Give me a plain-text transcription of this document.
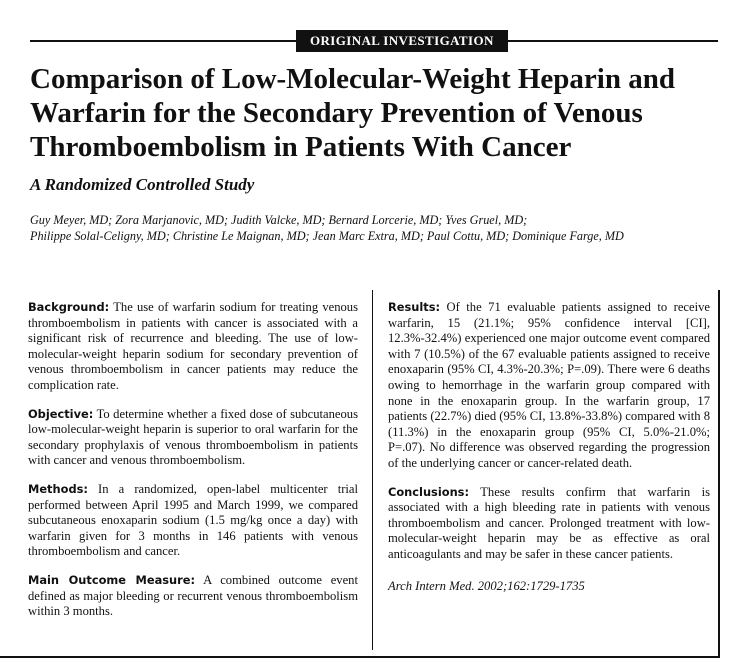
ORIGINAL INVESTIGATION
Comparison of Low-Molecular-Weight Heparin and Warfarin for the Secondary Prevention of Venous Thromboembolism in Patients With Cancer
A Randomized Controlled Study

Guy Meyer, MD; Zora Marjanovic, MD; Judith Valcke, MD; Bernard Lorcerie, MD; Yves Gruel, MD;
Philippe Solal-Celigny, MD; Christine Le Maignan, MD; Jean Marc Extra, MD; Paul Cottu, MD; Dominique Farge, MD

Background: The use of warfarin sodium for treating venous thromboembolism in patients with cancer is associated with a significant risk of recurrence and bleeding. The use of low-molecular-weight heparin sodium for secondary prevention of venous thromboembolism in cancer patients may reduce the complication rate.

Objective: To determine whether a fixed dose of subcutaneous low-molecular-weight heparin is superior to oral warfarin for the secondary prophylaxis of venous thromboembolism in patients with cancer and venous thromboembolism.

Methods: In a randomized, open-label multicenter trial performed between April 1995 and March 1999, we compared subcutaneous enoxaparin sodium (1.5 mg/kg once a day) with warfarin given for 3 months in 146 patients with venous thromboembolism and cancer.

Main Outcome Measure: A combined outcome event defined as major bleeding or recurrent venous thromboembolism within 3 months.

Results: Of the 71 evaluable patients assigned to receive warfarin, 15 (21.1%; 95% confidence interval [CI], 12.3%-32.4%) experienced one major outcome event compared with 7 (10.5%) of the 67 evaluable patients assigned to receive enoxaparin (95% CI, 4.3%-20.3%; P=.09). There were 6 deaths owing to hemorrhage in the warfarin group compared with none in the enoxaparin group. In the warfarin group, 17 patients (22.7%) died (95% CI, 13.8%-33.8%) compared with 8 (11.3%) in the enoxaparin group (95% CI, 5.0%-21.0%; P=.07). No difference was observed regarding the progression of the underlying cancer or cancer-related death.

Conclusions: These results confirm that warfarin is associated with a high bleeding rate in patients with venous thromboembolism and cancer. Prolonged treatment with low-molecular-weight heparin may be as effective as oral anticoagulants and may be safer in these cancer patients.

Arch Intern Med. 2002;162:1729-1735
